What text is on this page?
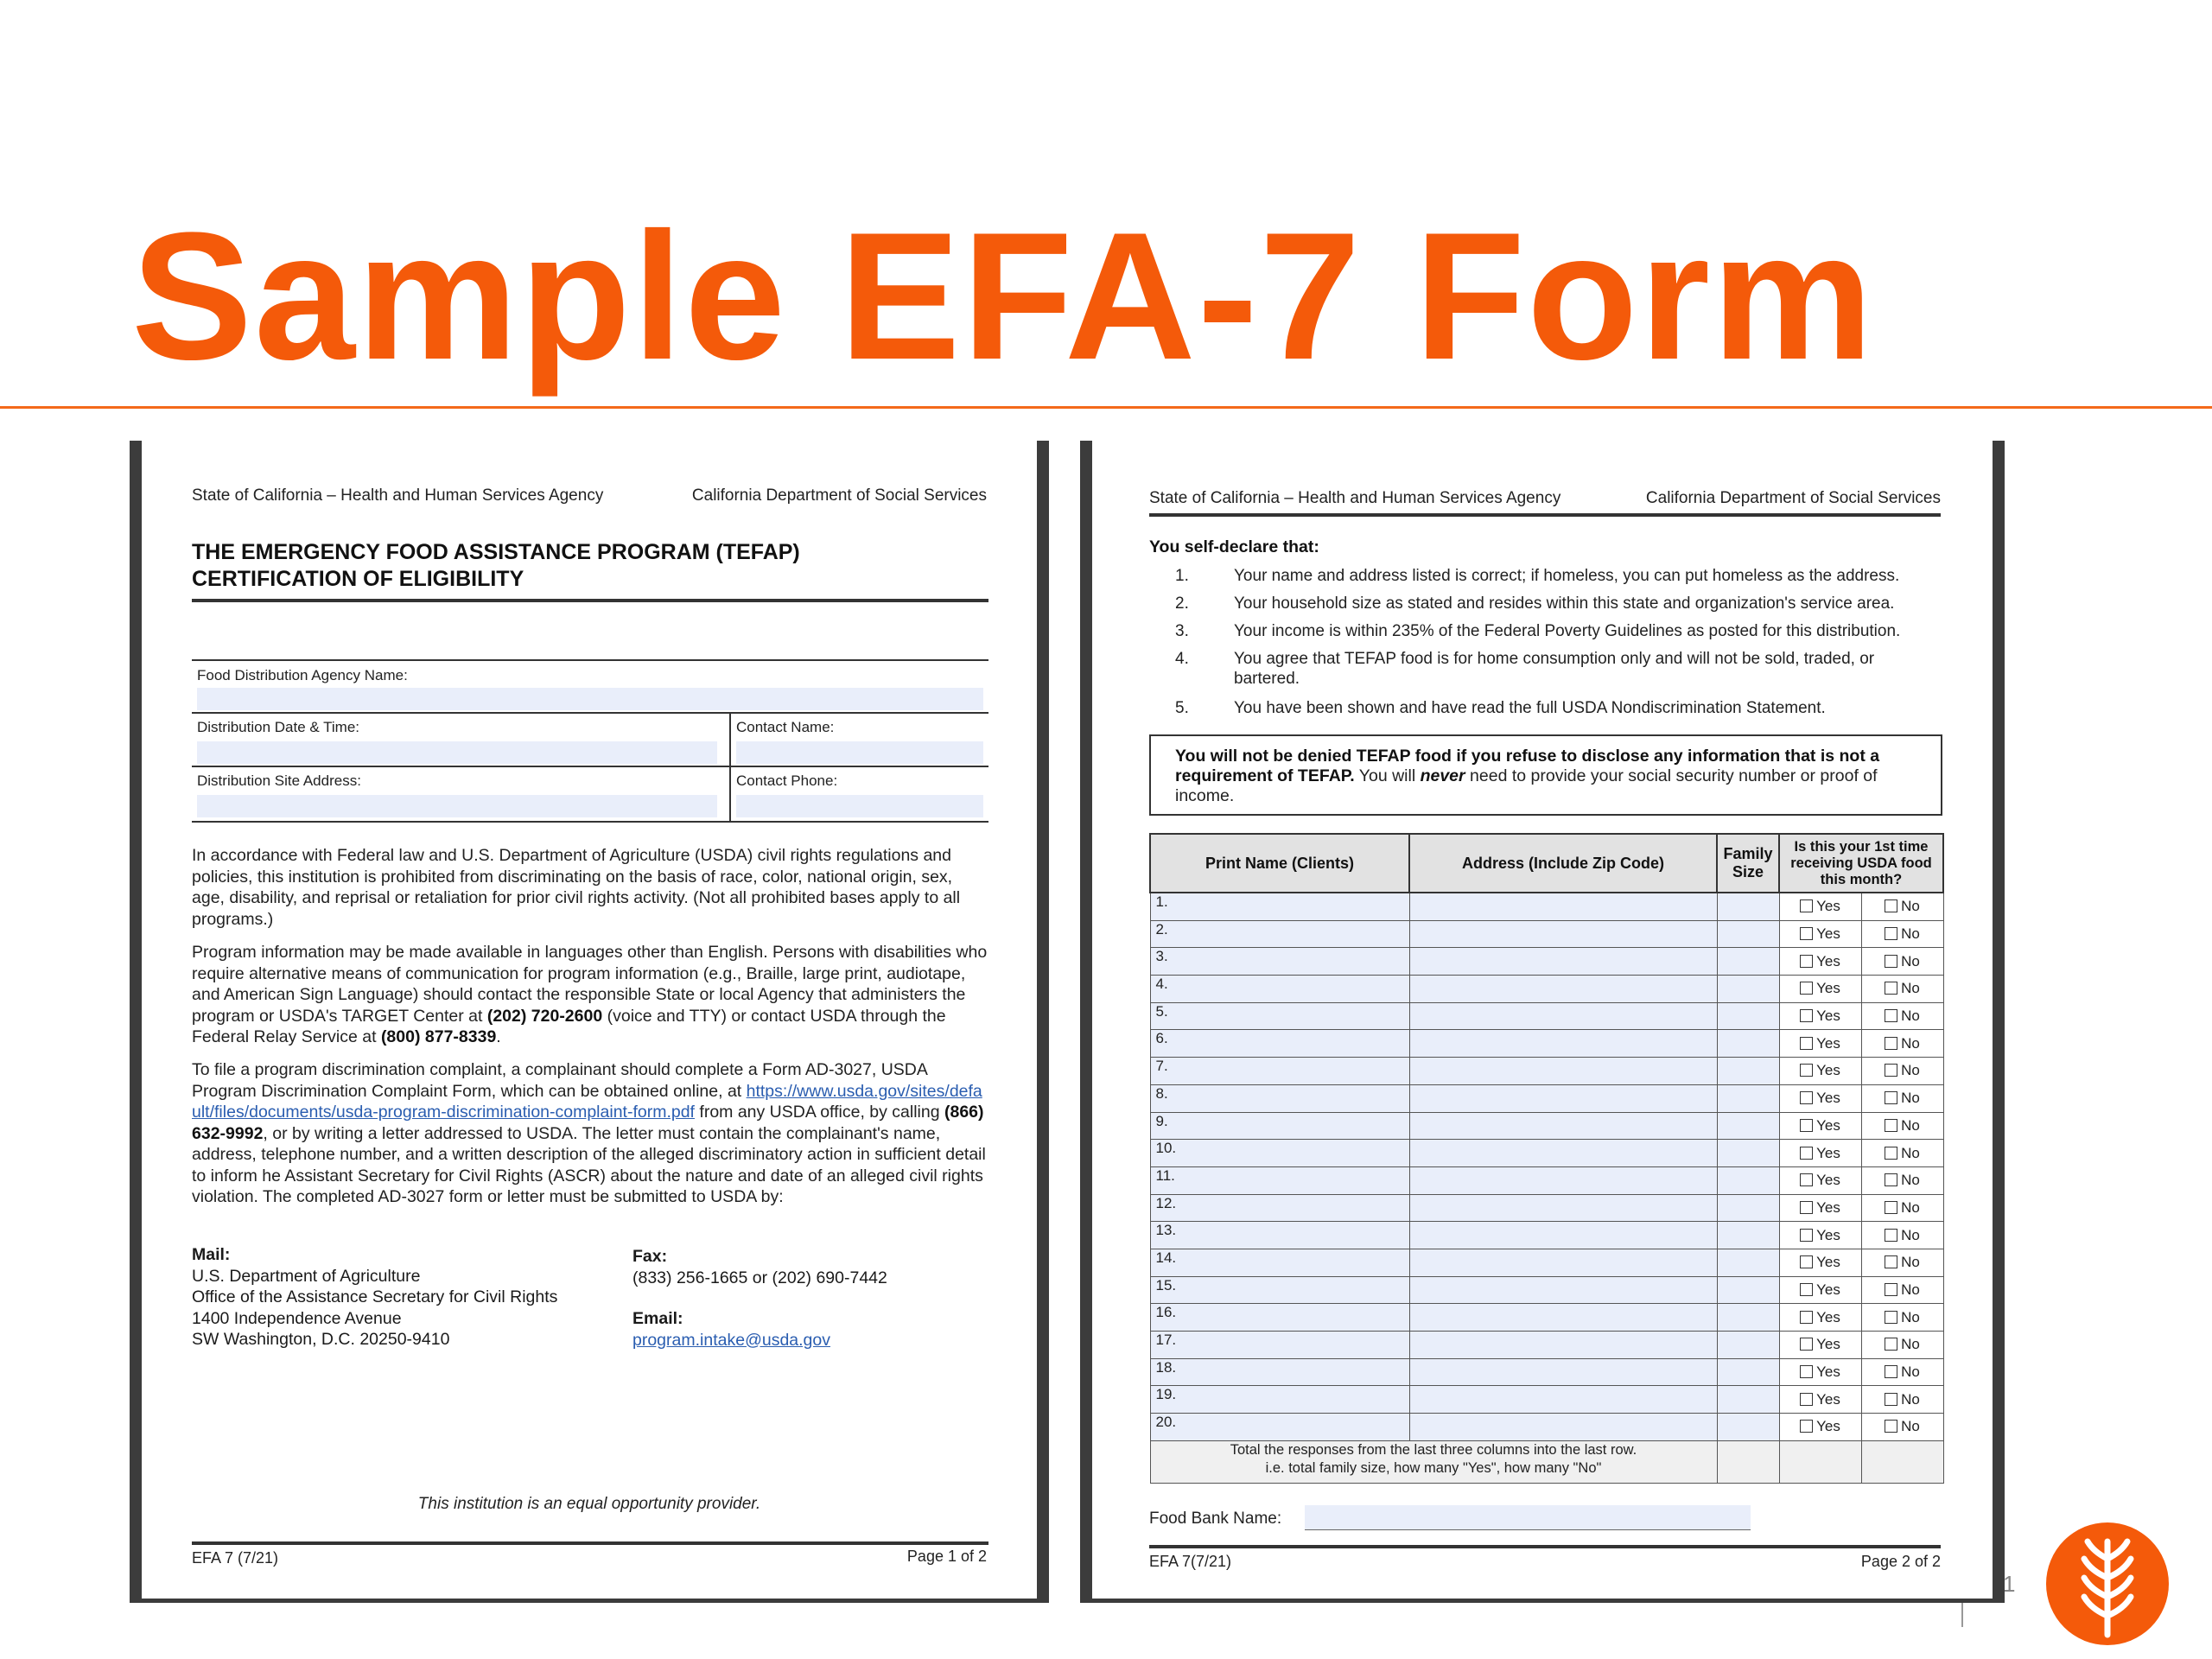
Sample EFA-7 Form
State of California – Health and Human Services Agency	California Department of Social Services
THE EMERGENCY FOOD ASSISTANCE PROGRAM (TEFAP)
CERTIFICATION OF ELIGIBILITY
Food Distribution Agency Name:
Distribution Date & Time:	Contact Name:
Distribution Site Address:	Contact Phone:
In accordance with Federal law and U.S. Department of Agriculture (USDA) civil rights regulations and policies, this institution is prohibited from discriminating on the basis of race, color, national origin, sex, age, disability, and reprisal or retaliation for prior civil rights activity. (Not all prohibited bases apply to all programs.)
Program information may be made available in languages other than English. Persons with disabilities who require alternative means of communication for program information (e.g., Braille, large print, audiotape, and American Sign Language) should contact the responsible State or local Agency that administers the program or USDA's TARGET Center at (202) 720-2600 (voice and TTY) or contact USDA through the Federal Relay Service at (800) 877-8339.
To file a program discrimination complaint, a complainant should complete a Form AD-3027, USDA Program Discrimination Complaint Form, which can be obtained online, at https://www.usda.gov/sites/default/files/documents/usda-program-discrimination-complaint-form.pdf from any USDA office, by calling (866) 632-9992, or by writing a letter addressed to USDA. The letter must contain the complainant's name, address, telephone number, and a written description of the alleged discriminatory action in sufficient detail to inform he Assistant Secretary for Civil Rights (ASCR) about the nature and date of an alleged civil rights violation. The completed AD-3027 form or letter must be submitted to USDA by:
Mail:
U.S. Department of Agriculture
Office of the Assistance Secretary for Civil Rights
1400 Independence Avenue
SW Washington, D.C. 20250-9410
Fax:
(833) 256-1665 or (202) 690-7442
Email:
program.intake@usda.gov
This institution is an equal opportunity provider.
EFA 7 (7/21)	Page 1 of 2
State of California – Health and Human Services Agency	California Department of Social Services
You self-declare that:
1.	Your name and address listed is correct; if homeless, you can put homeless as the address.
2.	Your household size as stated and resides within this state and organization's service area.
3.	Your income is within 235% of the Federal Poverty Guidelines as posted for this distribution.
4.	You agree that TEFAP food is for home consumption only and will not be sold, traded, or bartered.
5.	You have been shown and have read the full USDA Nondiscrimination Statement.
You will not be denied TEFAP food if you refuse to disclose any information that is not a requirement of TEFAP. You will never need to provide your social security number or proof of income.
Print Name (Clients)	Address (Include Zip Code)	Family Size	Is this your 1st time receiving USDA food this month?	
1.			Yes	No
2.			Yes	No
3.			Yes	No
4.			Yes	No
5.			Yes	No
6.			Yes	No
7.			Yes	No
8.			Yes	No
9.			Yes	No
10.			Yes	No
11.			Yes	No
12.			Yes	No
13.			Yes	No
14.			Yes	No
15.			Yes	No
16.			Yes	No
17.			Yes	No
18.			Yes	No
19.			Yes	No
20.			Yes	No

Total the responses from the last three columns into the last row.
i.e. total family size, how many "Yes", how many "No"				

Food Bank Name:
EFA 7(7/21)	Page 2 of 2
1
